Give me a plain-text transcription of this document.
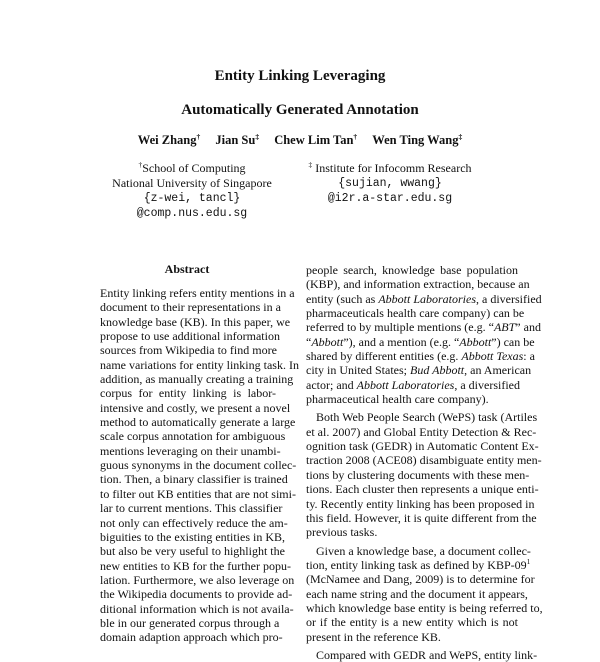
Entity Linking Leveraging
Automatically Generated Annotation
Wei Zhang† Jian Su‡ Chew Lim Tan† Wen Ting Wang‡
†School of Computing
National University of Singapore
{z-wei, tancl}
@comp.nus.edu.sg
‡ Institute for Infocomm Research
{sujian, wwang}
@i2r.a-star.edu.sg
Abstract
Entity linking refers entity mentions in a
document to their representations in a
knowledge base (KB). In this paper, we
propose to use additional information
sources from Wikipedia to find more
name variations for entity linking task. In
addition, as manually creating a training
corpus for entity linking is labor-
intensive and costly, we present a novel
method to automatically generate a large
scale corpus annotation for ambiguous
mentions leveraging on their unambi-
guous synonyms in the document collec-
tion. Then, a binary classifier is trained
to filter out KB entities that are not simi-
lar to current mentions. This classifier
not only can effectively reduce the am-
biguities to the existing entities in KB,
but also be very useful to highlight the
new entities to KB for the further popu-
lation. Furthermore, we also leverage on
the Wikipedia documents to provide ad-
ditional information which is not availa-
ble in our generated corpus through a
domain adaption approach which pro-
people search, knowledge base population
(KBP), and information extraction, because an
entity (such as Abbott Laboratories, a diversified
pharmaceuticals health care company) can be
referred to by multiple mentions (e.g. “ABT” and
“Abbott”), and a mention (e.g. “Abbott”) can be
shared by different entities (e.g. Abbott Texas: a
city in United States; Bud Abbott, an American
actor; and Abbott Laboratories, a diversified
pharmaceutical health care company).
Both Web People Search (WePS) task (Artiles
et al. 2007) and Global Entity Detection & Rec-
ognition task (GEDR) in Automatic Content Ex-
traction 2008 (ACE08) disambiguate entity men-
tions by clustering documents with these men-
tions. Each cluster then represents a unique enti-
ty. Recently entity linking has been proposed in
this field. However, it is quite different from the
previous tasks.
Given a knowledge base, a document collec-
tion, entity linking task as defined by KBP-$09^1$
(McNamee and Dang, 2009) is to determine for
each name string and the document it appears,
which knowledge base entity is being referred to,
or if the entity is a new entity which is not
present in the reference KB.
Compared with GEDR and WePS, entity link-
